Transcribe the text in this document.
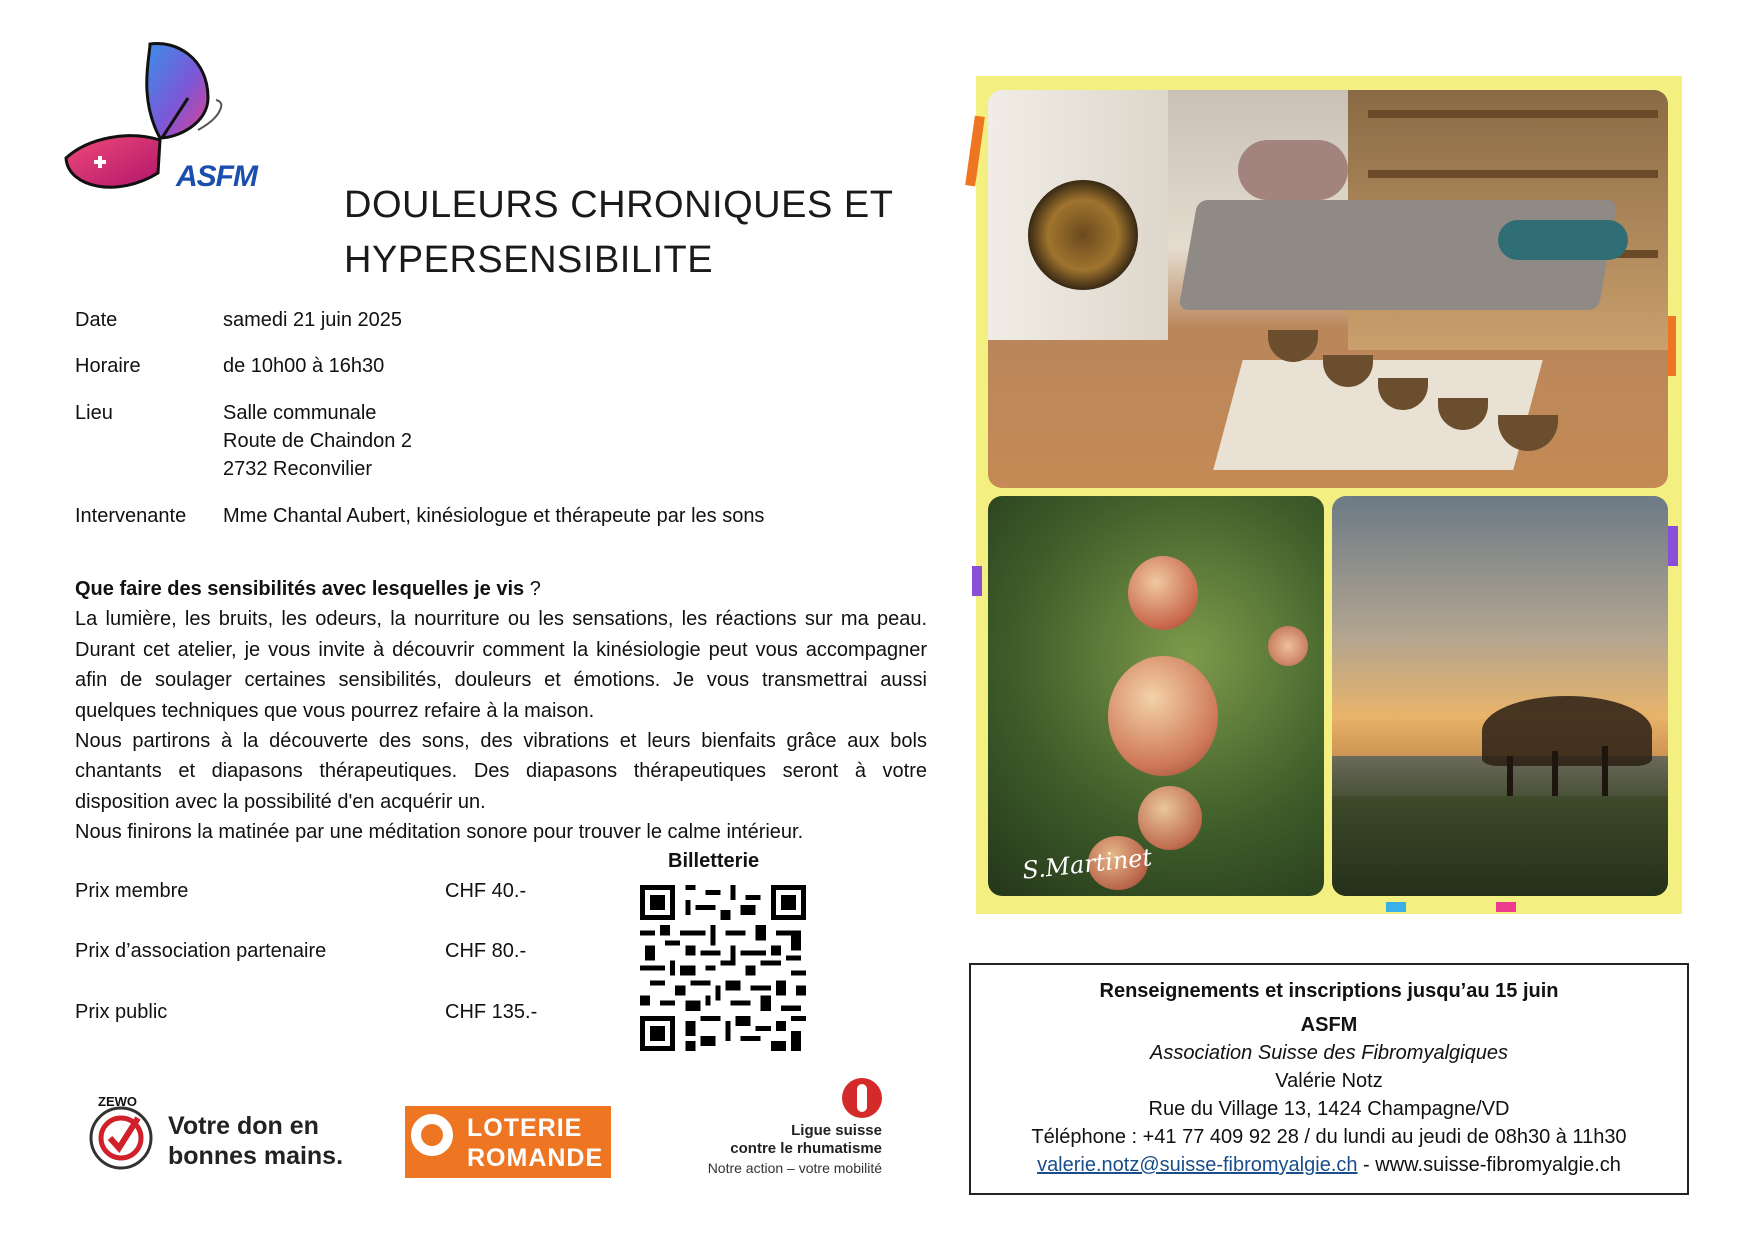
ASFM
DOULEURS CHRONIQUES ET
HYPERSENSIBILITE
Date	samedi 21 juin 2025
Horaire	de 10h00 à 16h30
Lieu	Salle communale
Route de Chaindon 2
2732 Reconvilier
Intervenante	Mme Chantal Aubert, kinésiologue et thérapeute par les sons

Que faire des sensibilités avec lesquelles je vis ?

La lumière, les bruits, les odeurs, la nourriture ou les sensations, les réactions sur ma peau. Durant cet atelier, je vous invite à découvrir comment la kinésiologie peut vous accompagner afin de soulager certaines sensibilités, douleurs et émotions. Je vous transmettrai aussi quelques techniques que vous pourrez refaire à la maison.

Nous partirons à la découverte des sons, des vibrations et leurs bienfaits grâce aux bols chantants et diapasons thérapeutiques. Des diapasons thérapeutiques seront à votre disposition avec la possibilité d'en acquérir un.

Nous finirons la matinée par une méditation sonore pour trouver le calme intérieur.

Prix membre	CHF 40.-
Prix d’association partenaire	CHF 80.-
Prix public	CHF 135.-
Billetterie	S.Martinet
Renseignements et inscriptions jusqu’au 15 juin
ASFM
Association Suisse des Fibromyalgiques
Valérie Notz
Rue du Village 13, 1424 Champagne/VD
Téléphone : +41 77 409 92 28 / du lundi au jeudi de 08h30 à 11h30
valerie.notz@suisse-fibromyalgie.ch - www.suisse-fibromyalgie.ch
ZEWO
Votre don en
bonnes mains.
LOTERIE
ROMANDE
Ligue suisse
contre le rhumatisme
Notre action – votre mobilité
